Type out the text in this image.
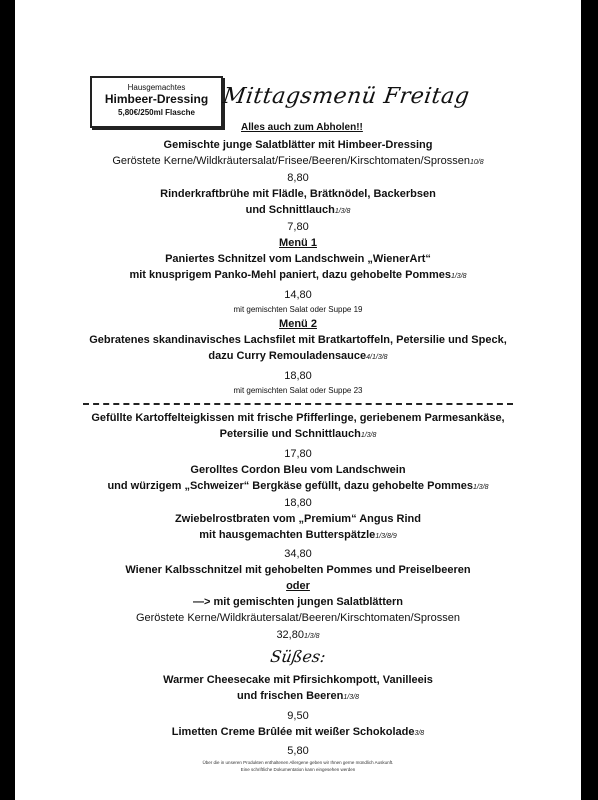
Hausgemachtes
Himbeer-Dressing
5,80€/250ml Flasche
Mittagsmenü Freitag
Alles auch zum Abholen!!
Gemischte junge Salatblätter mit Himbeer-Dressing
Geröstete Kerne/Wildkräutersalat/Frisee/Beeren/Kirschtomaten/Sprossen10/8
8,80
Rinderkraftbrühe mit Flädle, Brätknödel, Backerbsen
und Schnittlauch1/3/8
7,80
Menü 1
Paniertes Schnitzel vom Landschwein „WienerArt“
mit knusprigem Panko-Mehl paniert, dazu gehobelte Pommes1/3/8
14,80
mit gemischten Salat oder Suppe 19
Menü 2
Gebratenes skandinavisches Lachsfilet mit Bratkartoffeln, Petersilie und Speck,
dazu Curry Remouladensauce4/1/3/8
18,80
mit gemischten Salat oder Suppe 23
Gefüllte Kartoffelteigkissen mit frische Pfifferlinge, geriebenem Parmesankäse,
Petersilie und Schnittlauch1/3/8
17,80
Gerolltes Cordon Bleu vom Landschwein
und würzigem „Schweizer“ Bergkäse gefüllt, dazu gehobelte Pommes1/3/8
18,80
Zwiebelrostbraten vom „Premium“ Angus Rind
mit hausgemachten Butterspätzle1/3/8/9
34,80
Wiener Kalbsschnitzel mit gehobelten Pommes und Preiselbeeren
oder
—> mit gemischten jungen Salatblättern
Geröstete Kerne/Wildkräutersalat/Beeren/Kirschtomaten/Sprossen
32,801/3/8
Süßes:
Warmer Cheesecake mit Pfirsichkompott, Vanilleeis
und frischen Beeren1/3/8
9,50
Limetten Creme Brûlée mit weißer Schokolade3/8
5,80
Über die in unseren Produkten enthaltenen Allergene geben wir Ihnen gerne mündlich Auskunft.
Eine schriftliche Dokumentation kann eingesehen werden
